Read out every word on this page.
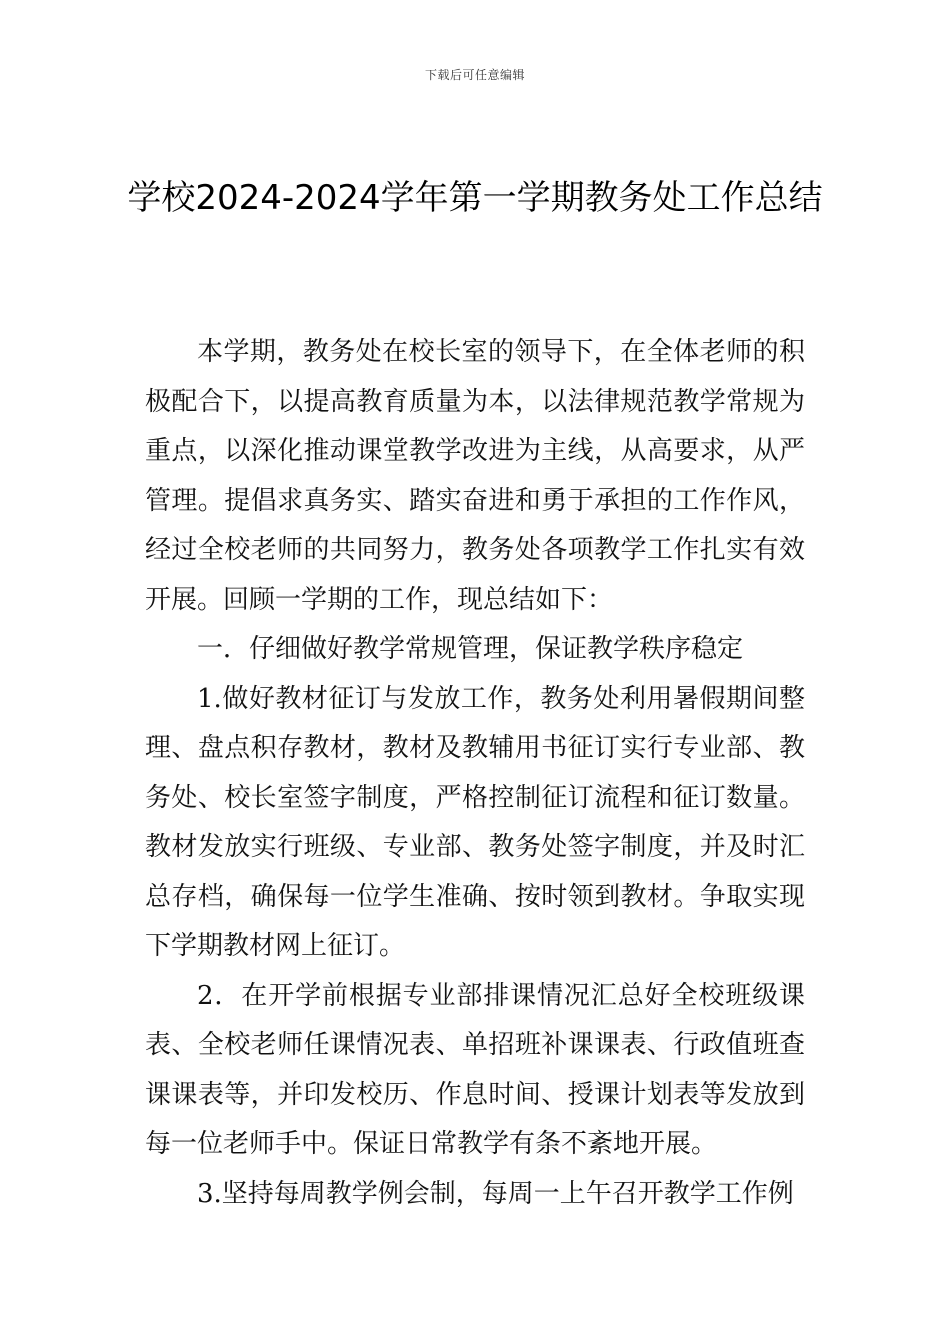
下载后可任意编辑
学校2024-2024学年第一学期教务处工作总结

本学期，教务处在校长室的领导下，在全体老师的积极配合下，以提高教育质量为本，以法律规范教学常规为重点，以深化推动课堂教学改进为主线，从高要求，从严管理。提倡求真务实、踏实奋进和勇于承担的工作作风，经过全校老师的共同努力，教务处各项教学工作扎实有效开展。回顾一学期的工作，现总结如下：

一．仔细做好教学常规管理，保证教学秩序稳定

1.做好教材征订与发放工作，教务处利用暑假期间整理、盘点积存教材，教材及教辅用书征订实行专业部、教务处、校长室签字制度，严格控制征订流程和征订数量。教材发放实行班级、专业部、教务处签字制度，并及时汇总存档，确保每一位学生准确、按时领到教材。争取实现下学期教材网上征订。

2．在开学前根据专业部排课情况汇总好全校班级课表、全校老师任课情况表、单招班补课课表、行政值班查课课表等，并印发校历、作息时间、授课计划表等发放到每一位老师手中。保证日常教学有条不紊地开展。

3.坚持每周教学例会制，每周一上午召开教学工作例
